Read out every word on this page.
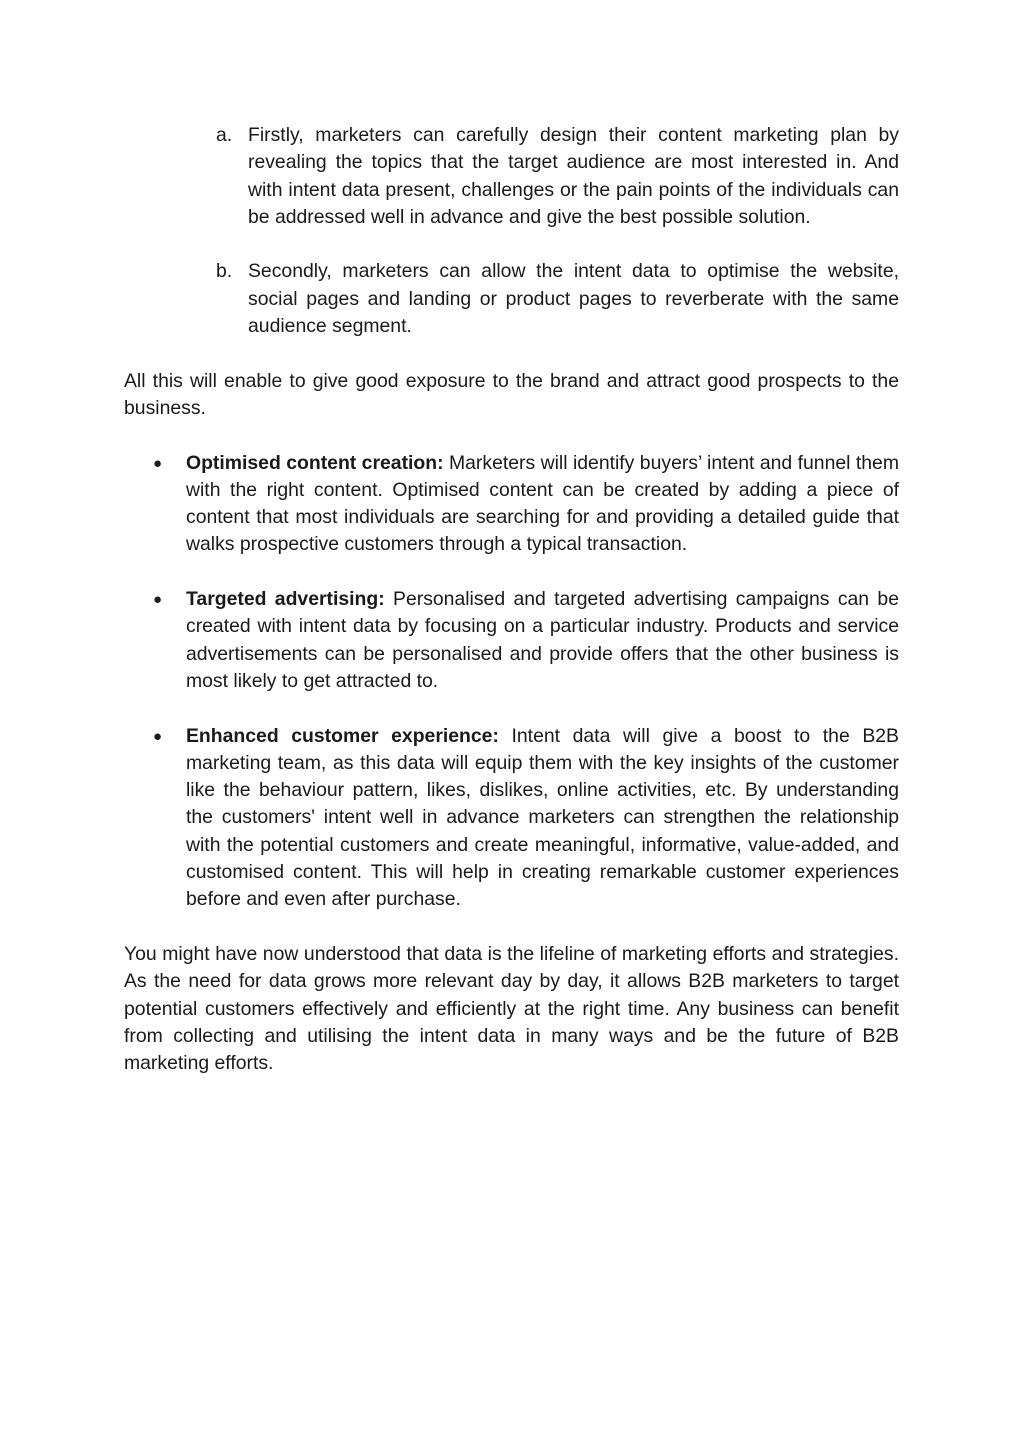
a. Firstly, marketers can carefully design their content marketing plan by revealing the topics that the target audience are most interested in. And with intent data present, challenges or the pain points of the individuals can be addressed well in advance and give the best possible solution.
b. Secondly, marketers can allow the intent data to optimise the website, social pages and landing or product pages to reverberate with the same audience segment.

All this will enable to give good exposure to the brand and attract good prospects to the business.

● Optimised content creation: Marketers will identify buyers’ intent and funnel them with the right content. Optimised content can be created by adding a piece of content that most individuals are searching for and providing a detailed guide that walks prospective customers through a typical transaction.
● Targeted advertising: Personalised and targeted advertising campaigns can be created with intent data by focusing on a particular industry. Products and service advertisements can be personalised and provide offers that the other business is most likely to get attracted to.
● Enhanced customer experience: Intent data will give a boost to the B2B marketing team, as this data will equip them with the key insights of the customer like the behaviour pattern, likes, dislikes, online activities, etc. By understanding the customers' intent well in advance marketers can strengthen the relationship with the potential customers and create meaningful, informative, value-added, and customised content. This will help in creating remarkable customer experiences before and even after purchase.

You might have now understood that data is the lifeline of marketing efforts and strategies. As the need for data grows more relevant day by day, it allows B2B marketers to target potential customers effectively and efficiently at the right time. Any business can benefit from collecting and utilising the intent data in many ways and be the future of B2B marketing efforts.
